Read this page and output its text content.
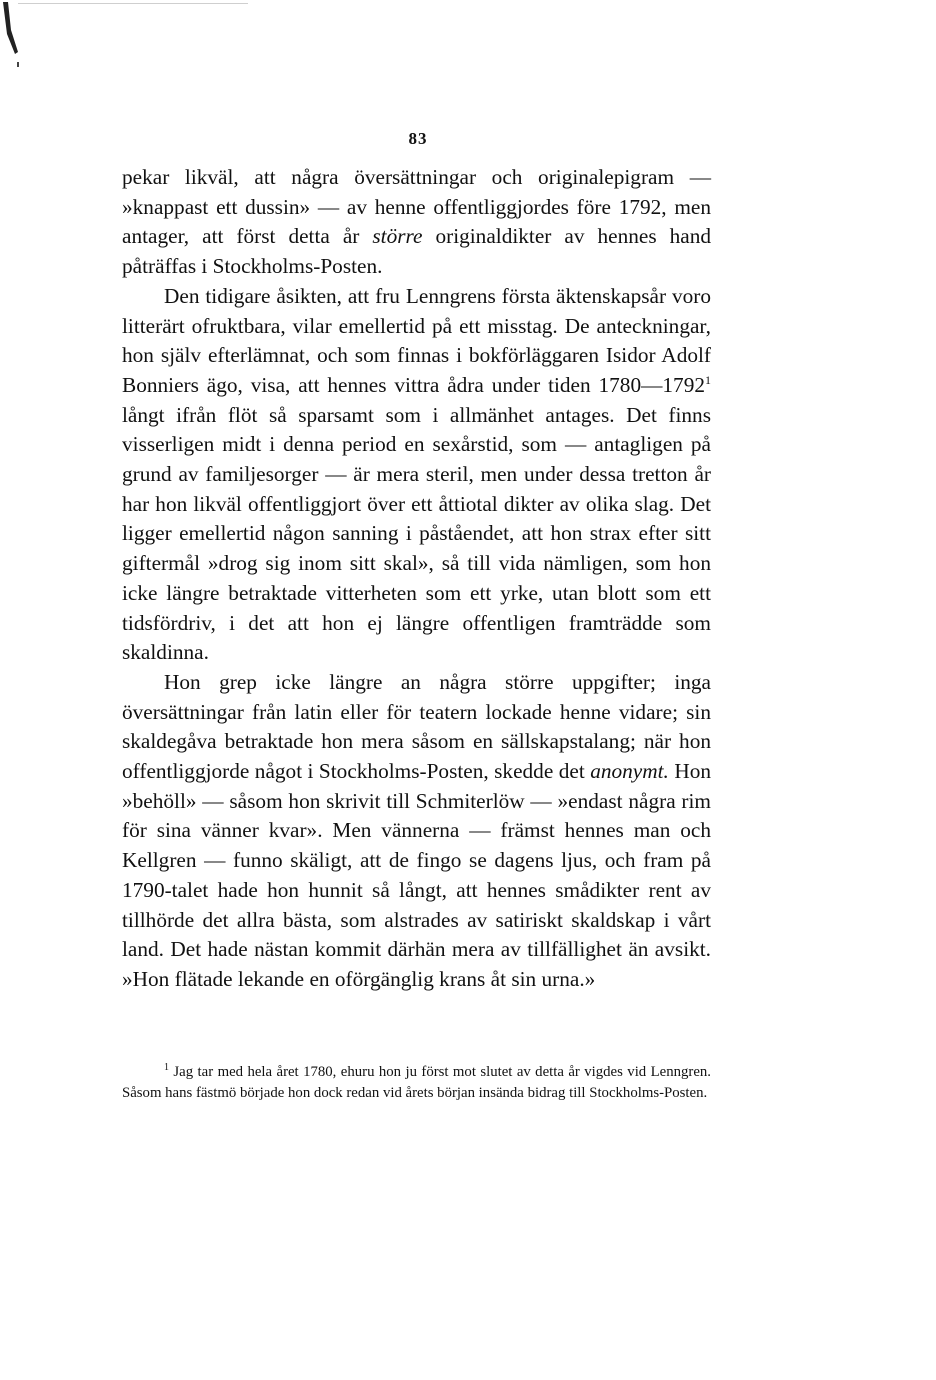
83

pekar likväl, att några översättningar och originalepigram — »knappast ett dussin» — av henne offentliggjordes före 1792, men antager, att först detta år större originaldikter av hennes hand påträffas i Stockholms-Posten.

Den tidigare åsikten, att fru Lenngrens första äktenskapsår voro litterärt ofruktbara, vilar emellertid på ett misstag. De anteckningar, hon själv efterlämnat, och som finnas i bokförläggaren Isidor Adolf Bonniers ägo, visa, att hennes vittra ådra under tiden 1780—1792$^1$ långt ifrån flöt så sparsamt som i allmänhet antages. Det finns visserligen midt i denna period en sexårstid, som — antagligen på grund av familjesorger — är mera steril, men under dessa tretton år har hon likväl offentliggjort över ett åttiotal dikter av olika slag. Det ligger emellertid någon sanning i påståendet, att hon strax efter sitt giftermål »drog sig inom sitt skal», så till vida nämligen, som hon icke längre betraktade vitterheten som ett yrke, utan blott som ett tidsfördriv, i det att hon ej längre offentligen framträdde som skaldinna.

Hon grep icke längre an några större uppgifter; inga översättningar från latin eller för teatern lockade henne vidare; sin skaldegåva betraktade hon mera såsom en sällskapstalang; när hon offentliggjorde något i Stockholms-Posten, skedde det anonymt. Hon »behöll» — såsom hon skrivit till Schmiterlöw — »endast några rim för sina vänner kvar». Men vännerna — främst hennes man och Kellgren — funno skäligt, att de fingo se dagens ljus, och fram på 1790-talet hade hon hunnit så långt, att hennes smådikter rent av tillhörde det allra bästa, som alstrades av satiriskt skaldskap i vårt land. Det hade nästan kommit därhän mera av tillfällighet än avsikt. »Hon flätade lekande en oförgänglig krans åt sin urna.»

$^1$ Jag tar med hela året 1780, ehuru hon ju först mot slutet av detta år vigdes vid Lenngren. Såsom hans fästmö började hon dock redan vid årets början insända bidrag till Stockholms-Posten.
